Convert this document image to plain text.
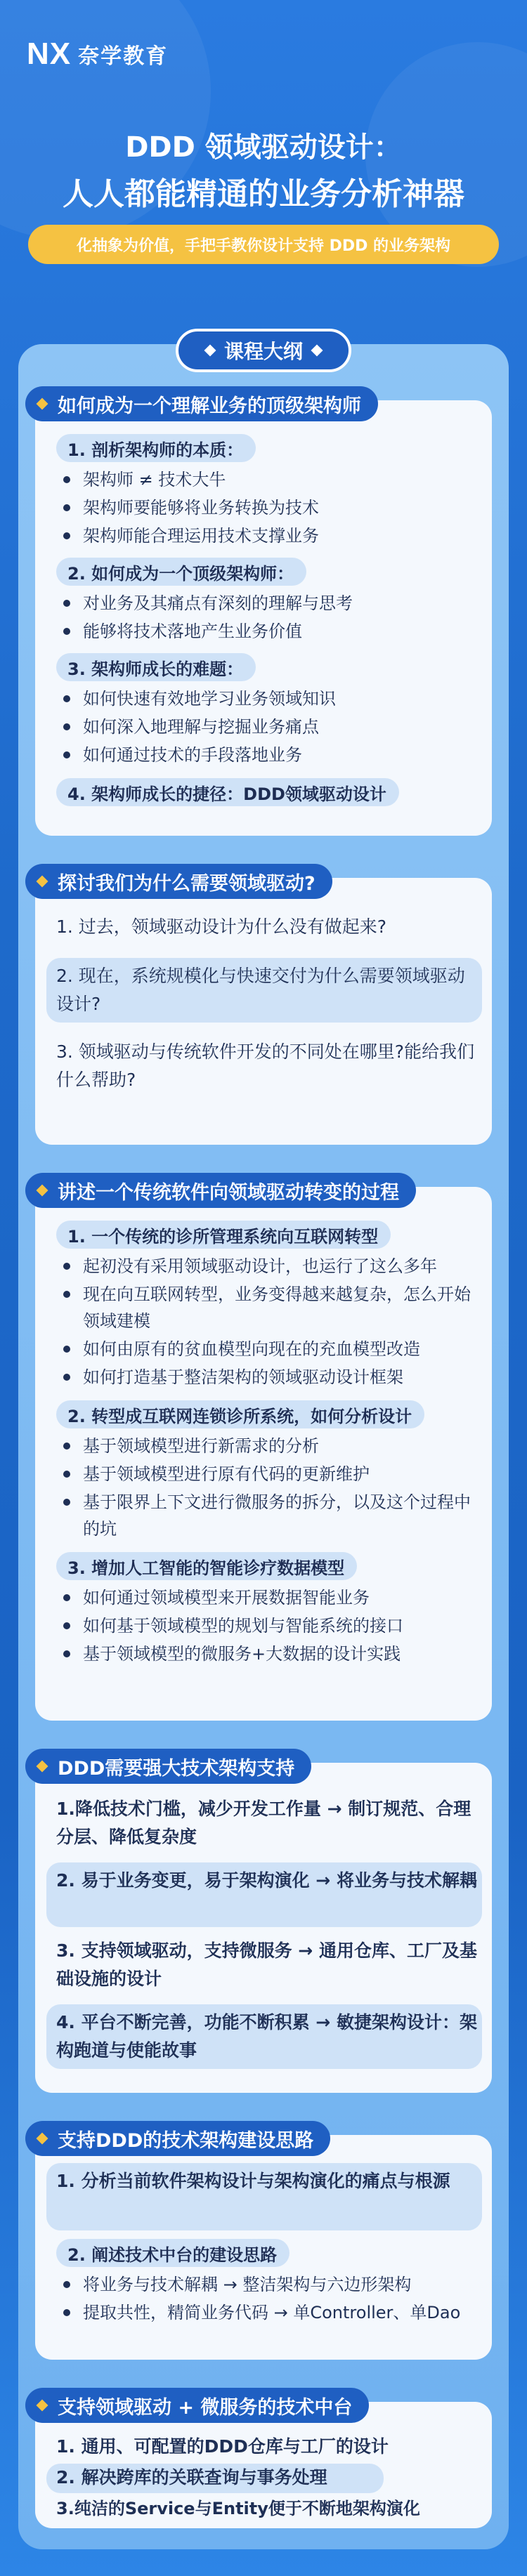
NX 奈学教育
DDD 领域驱动设计：
人人都能精通的业务分析神器
化抽象为价值，手把手教你设计支持 DDD 的业务架构
课程大纲
如何成为一个理解业务的顶级架构师
1. 剖析架构师的本质：
架构师 ≠ 技术大牛
架构师要能够将业务转换为技术
架构师能合理运用技术支撑业务
2. 如何成为一个顶级架构师：
对业务及其痛点有深刻的理解与思考
能够将技术落地产生业务价值
3. 架构师成长的难题：
如何快速有效地学习业务领域知识
如何深入地理解与挖掘业务痛点
如何通过技术的手段落地业务
4. 架构师成长的捷径：DDD领域驱动设计
探讨我们为什么需要领域驱动?
1. 过去，领域驱动设计为什么没有做起来?
2. 现在，系统规模化与快速交付为什么需要领域驱动设计?
3. 领域驱动与传统软件开发的不同处在哪里?能给我们什么帮助?
讲述一个传统软件向领域驱动转变的过程
1. 一个传统的诊所管理系统向互联网转型
起初没有采用领域驱动设计，也运行了这么多年
现在向互联网转型，业务变得越来越复杂，怎么开始领域建模
如何由原有的贫血模型向现在的充血模型改造
如何打造基于整洁架构的领域驱动设计框架
2. 转型成互联网连锁诊所系统，如何分析设计
基于领域模型进行新需求的分析
基于领域模型进行原有代码的更新维护
基于限界上下文进行微服务的拆分，以及这个过程中的坑
3. 增加人工智能的智能诊疗数据模型
如何通过领域模型来开展数据智能业务
如何基于领域模型的规划与智能系统的接口
基于领域模型的微服务+大数据的设计实践
DDD需要强大技术架构支持
1.降低技术门槛，减少开发工作量 → 制订规范、合理分层、降低复杂度
2. 易于业务变更，易于架构演化 → 将业务与技术解耦
3. 支持领域驱动，支持微服务 → 通用仓库、工厂及基础设施的设计
4. 平台不断完善，功能不断积累 → 敏捷架构设计：架构跑道与使能故事
支持DDD的技术架构建设思路
1. 分析当前软件架构设计与架构演化的痛点与根源
2. 阐述技术中台的建设思路
将业务与技术解耦 → 整洁架构与六边形架构
提取共性，精简业务代码 → 单Controller、单Dao
支持领域驱动 + 微服务的技术中台
1. 通用、可配置的DDD仓库与工厂的设计
2. 解决跨库的关联查询与事务处理
3.纯洁的Service与Entity便于不断地架构演化
